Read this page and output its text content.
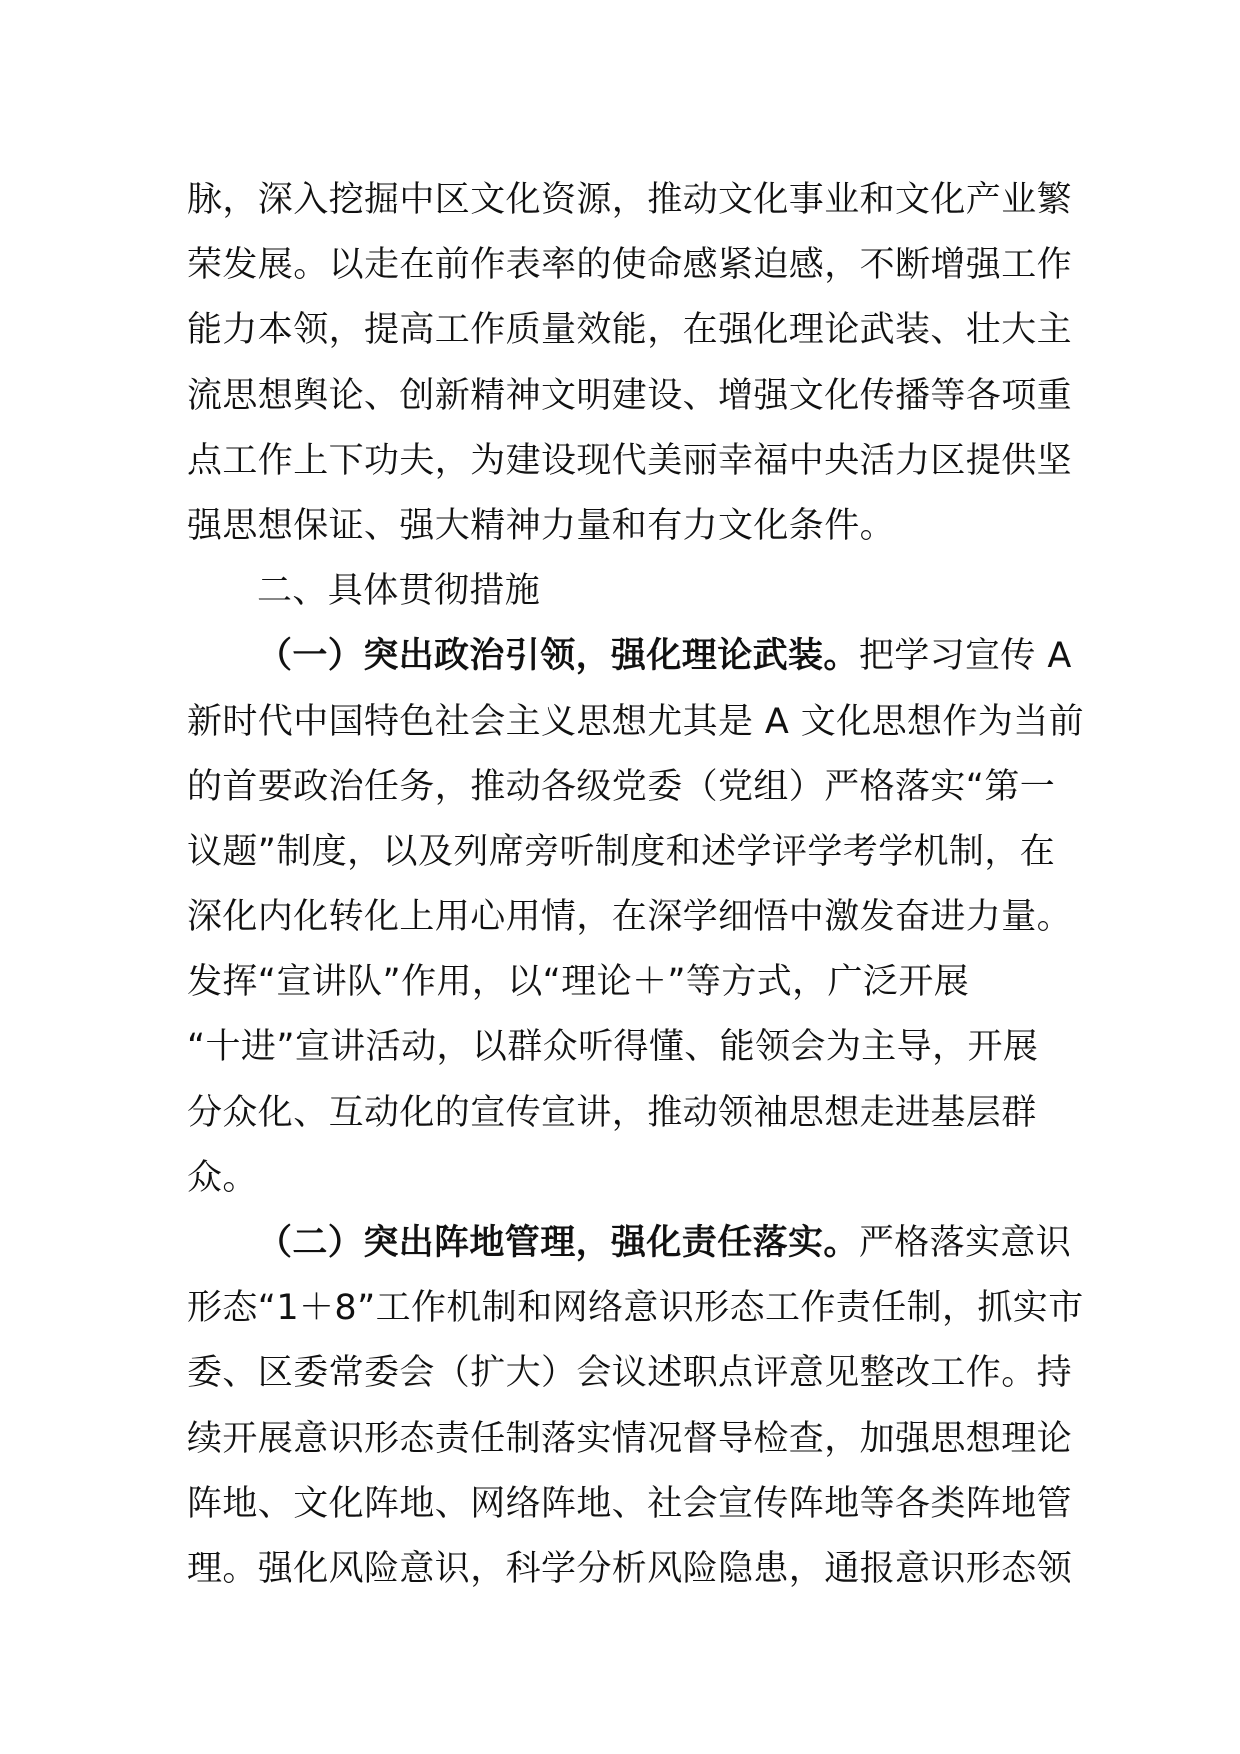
脉，深入挖掘中区文化资源，推动文化事业和文化产业繁
荣发展。以走在前作表率的使命感紧迫感，不断增强工作
能力本领，提高工作质量效能，在强化理论武装、壮大主
流思想舆论、创新精神文明建设、增强文化传播等各项重
点工作上下功夫，为建设现代美丽幸福中央活力区提供坚
强思想保证、强大精神力量和有力文化条件。
二、具体贯彻措施
（一）突出政治引领，强化理论武装。把学习宣传 A
新时代中国特色社会主义思想尤其是 A 文化思想作为当前
的首要政治任务，推动各级党委（党组）严格落实“第一
议题”制度，以及列席旁听制度和述学评学考学机制，在
深化内化转化上用心用情，在深学细悟中激发奋进力量。
发挥“宣讲队”作用，以“理论＋”等方式，广泛开展
“十进”宣讲活动，以群众听得懂、能领会为主导，开展
分众化、互动化的宣传宣讲，推动领袖思想走进基层群
众。
（二）突出阵地管理，强化责任落实。严格落实意识
形态“1＋8”工作机制和网络意识形态工作责任制，抓实市
委、区委常委会（扩大）会议述职点评意见整改工作。持
续开展意识形态责任制落实情况督导检查，加强思想理论
阵地、文化阵地、网络阵地、社会宣传阵地等各类阵地管
理。强化风险意识，科学分析风险隐患，通报意识形态领
